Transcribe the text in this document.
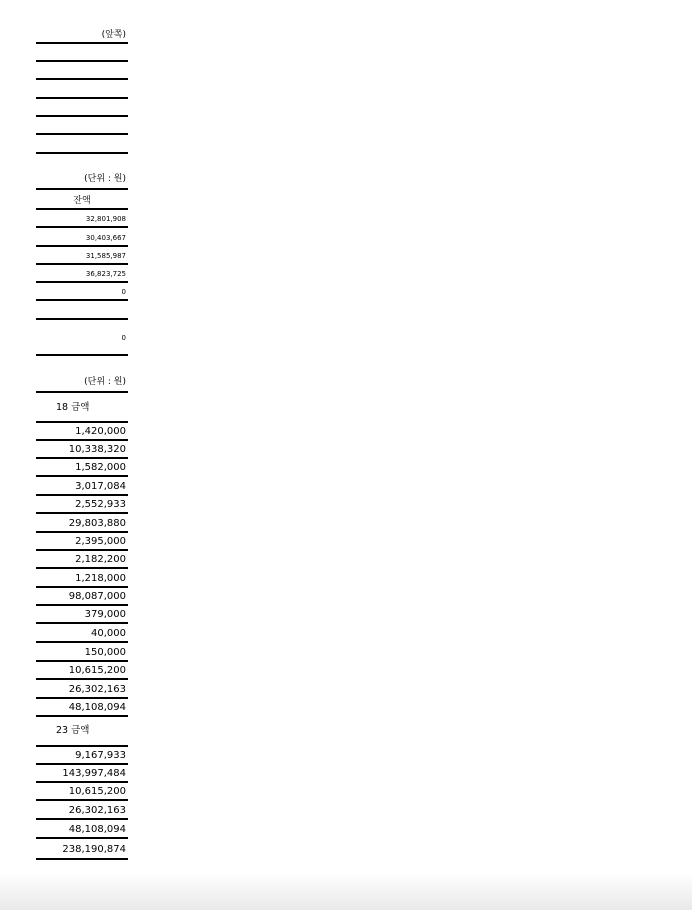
(앞쪽)
(단위 : 원)
잔액
32,801,908
30,403,667
31,585,987
36,823,725
0
0
(단위 : 원)
18 금액
1,420,000
10,338,320
1,582,000
3,017,084
2,552,933
29,803,880
2,395,000
2,182,200
1,218,000
98,087,000
379,000
40,000
150,000
10,615,200
26,302,163
48,108,094
23 금액
9,167,933
143,997,484
10,615,200
26,302,163
48,108,094
238,190,874
